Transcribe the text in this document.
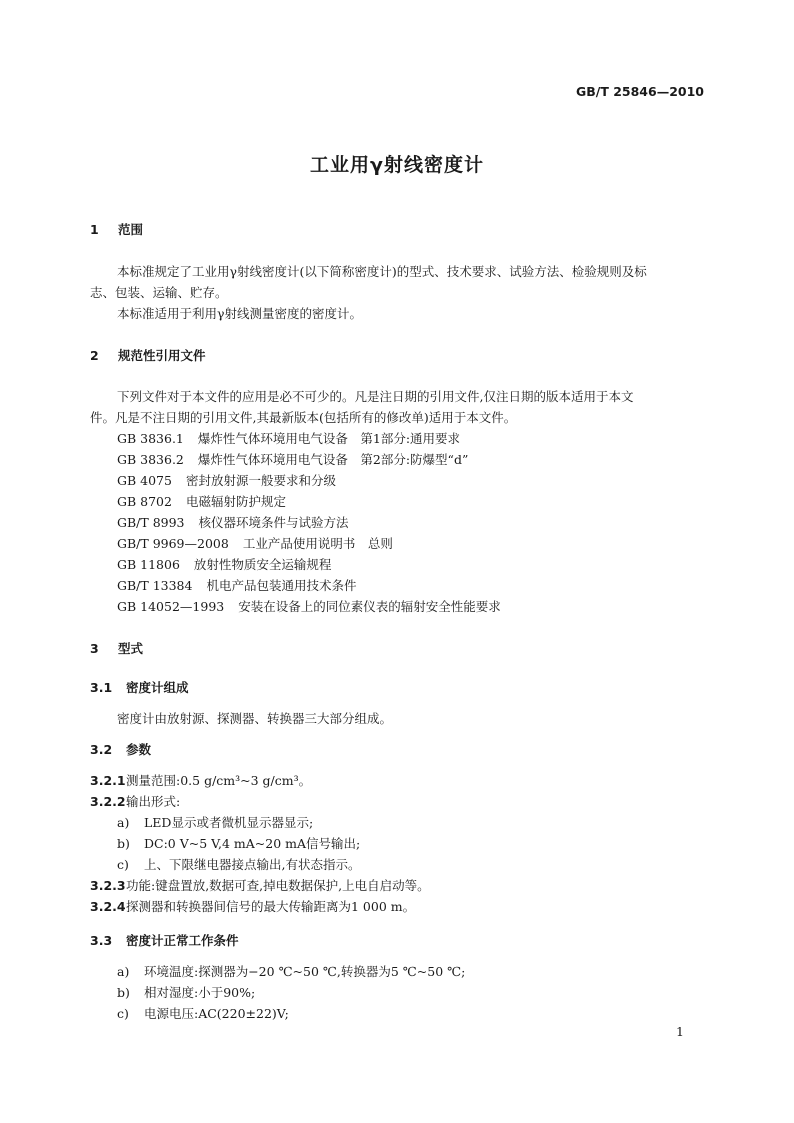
GB/T 25846—2010
工业用γ射线密度计
1 范围
本标准规定了工业用γ射线密度计(以下简称密度计)的型式、技术要求、试验方法、检验规则及标
志、包装、运输、贮存。
本标准适用于利用γ射线测量密度的密度计。
2 规范性引用文件
下列文件对于本文件的应用是必不可少的。凡是注日期的引用文件,仅注日期的版本适用于本文
件。凡是不注日期的引用文件,其最新版本(包括所有的修改单)适用于本文件。
GB 3836.1 爆炸性气体环境用电气设备　第1部分:通用要求
GB 3836.2 爆炸性气体环境用电气设备　第2部分:防爆型“d”
GB 4075 密封放射源一般要求和分级
GB 8702 电磁辐射防护规定
GB/T 8993 核仪器环境条件与试验方法
GB/T 9969—2008 工业产品使用说明书　总则
GB 11806 放射性物质安全运输规程
GB/T 13384 机电产品包装通用技术条件
GB 14052—1993 安装在设备上的同位素仪表的辐射安全性能要求
3 型式
3.1 密度计组成
密度计由放射源、探测器、转换器三大部分组成。
3.2 参数
3.2.1测量范围:0.5 g/cm³~3 g/cm³。
3.2.2输出形式:
a) LED显示或者微机显示器显示;
b) DC:0 V~5 V,4 mA~20 mA信号输出;
c) 上、下限继电器接点输出,有状态指示。
3.2.3功能:键盘置放,数据可查,掉电数据保护,上电自启动等。
3.2.4探测器和转换器间信号的最大传输距离为1 000 m。
3.3 密度计正常工作条件
a) 环境温度:探测器为−20 ℃~50 ℃,转换器为5 ℃~50 ℃;
b) 相对湿度:小于90%;
c) 电源电压:AC(220±22)V;
1
